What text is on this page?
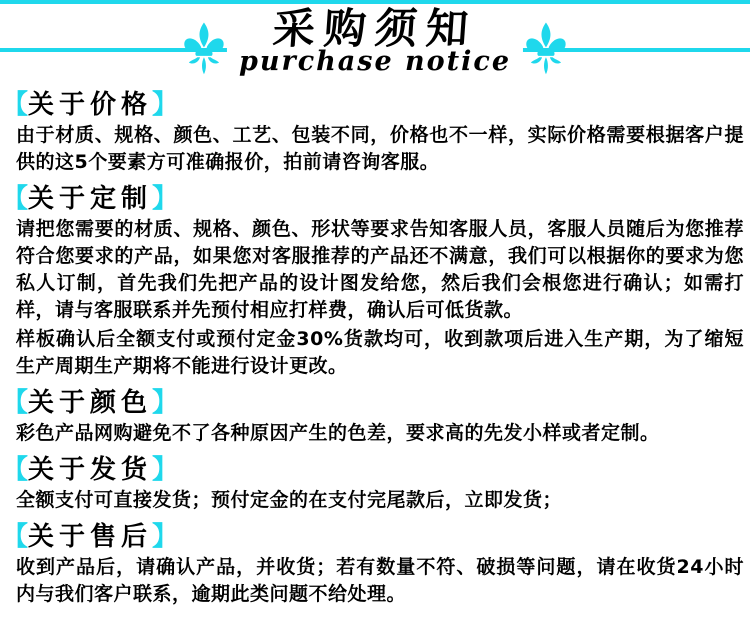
采购须知
purchase notice
【关于价格】

由于材质、规格、颜色、工艺、包装不同，价格也不一样，实际价格需要根据客户提供的这5个要素方可准确报价，拍前请咨询客服。

【关于定制】

请把您需要的材质、规格、颜色、形状等要求告知客服人员，客服人员随后为您推荐符合您要求的产品，如果您对客服推荐的产品还不满意，我们可以根据你的要求为您私人订制，首先我们先把产品的设计图发给您，然后我们会根您进行确认；如需打样，请与客服联系并先预付相应打样费，确认后可低货款。

样板确认后全额支付或预付定金30%货款均可，收到款项后进入生产期，为了缩短生产周期生产期将不能进行设计更改。

【关于颜色】

彩色产品网购避免不了各种原因产生的色差，要求高的先发小样或者定制。

【关于发货】

全额支付可直接发货；预付定金的在支付完尾款后，立即发货；

【关于售后】

收到产品后，请确认产品，并收货；若有数量不符、破损等问题，请在收货24小时内与我们客户联系，逾期此类问题不给处理。
